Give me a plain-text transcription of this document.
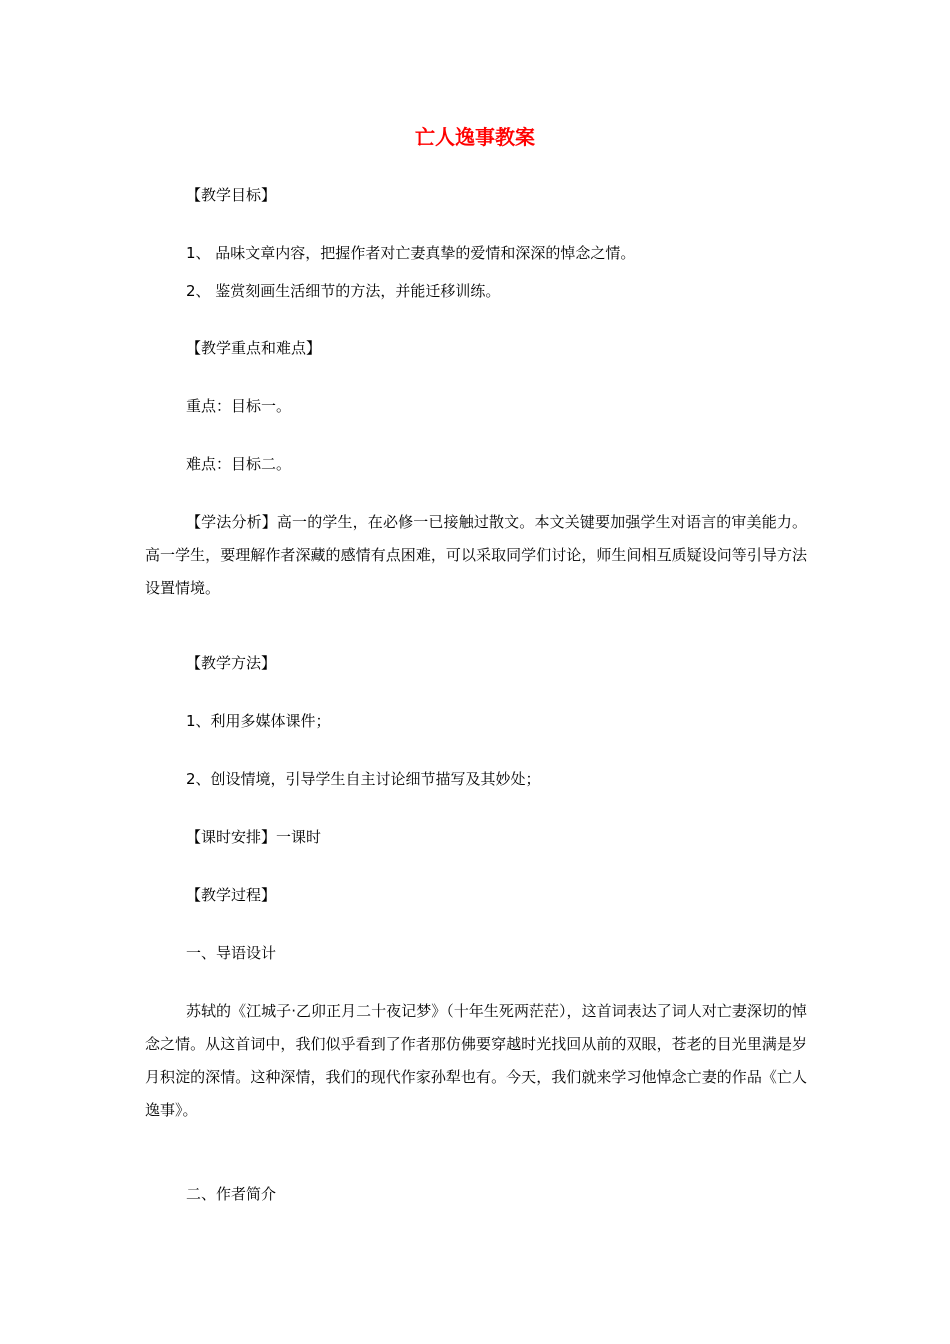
亡人逸事教案
【教学目标】
1、 品味文章内容，把握作者对亡妻真挚的爱情和深深的悼念之情。
2、 鉴赏刻画生活细节的方法，并能迁移训练。
【教学重点和难点】
重点：目标一。
难点：目标二。
【学法分析】高一的学生，在必修一已接触过散文。本文关键要加强学生对语言的审美能力。高一学生，要理解作者深藏的感情有点困难，可以采取同学们讨论，师生间相互质疑设问等引导方法设置情境。
【教学方法】
1、利用多媒体课件；
2、创设情境，引导学生自主讨论细节描写及其妙处；
【课时安排】一课时
【教学过程】
一、导语设计
苏轼的《江城子·乙卯正月二十夜记梦》（十年生死两茫茫），这首词表达了词人对亡妻深切的悼念之情。从这首词中，我们似乎看到了作者那仿佛要穿越时光找回从前的双眼，苍老的目光里满是岁月积淀的深情。这种深情，我们的现代作家孙犁也有。今天，我们就来学习他悼念亡妻的作品《亡人逸事》。
二、作者简介
